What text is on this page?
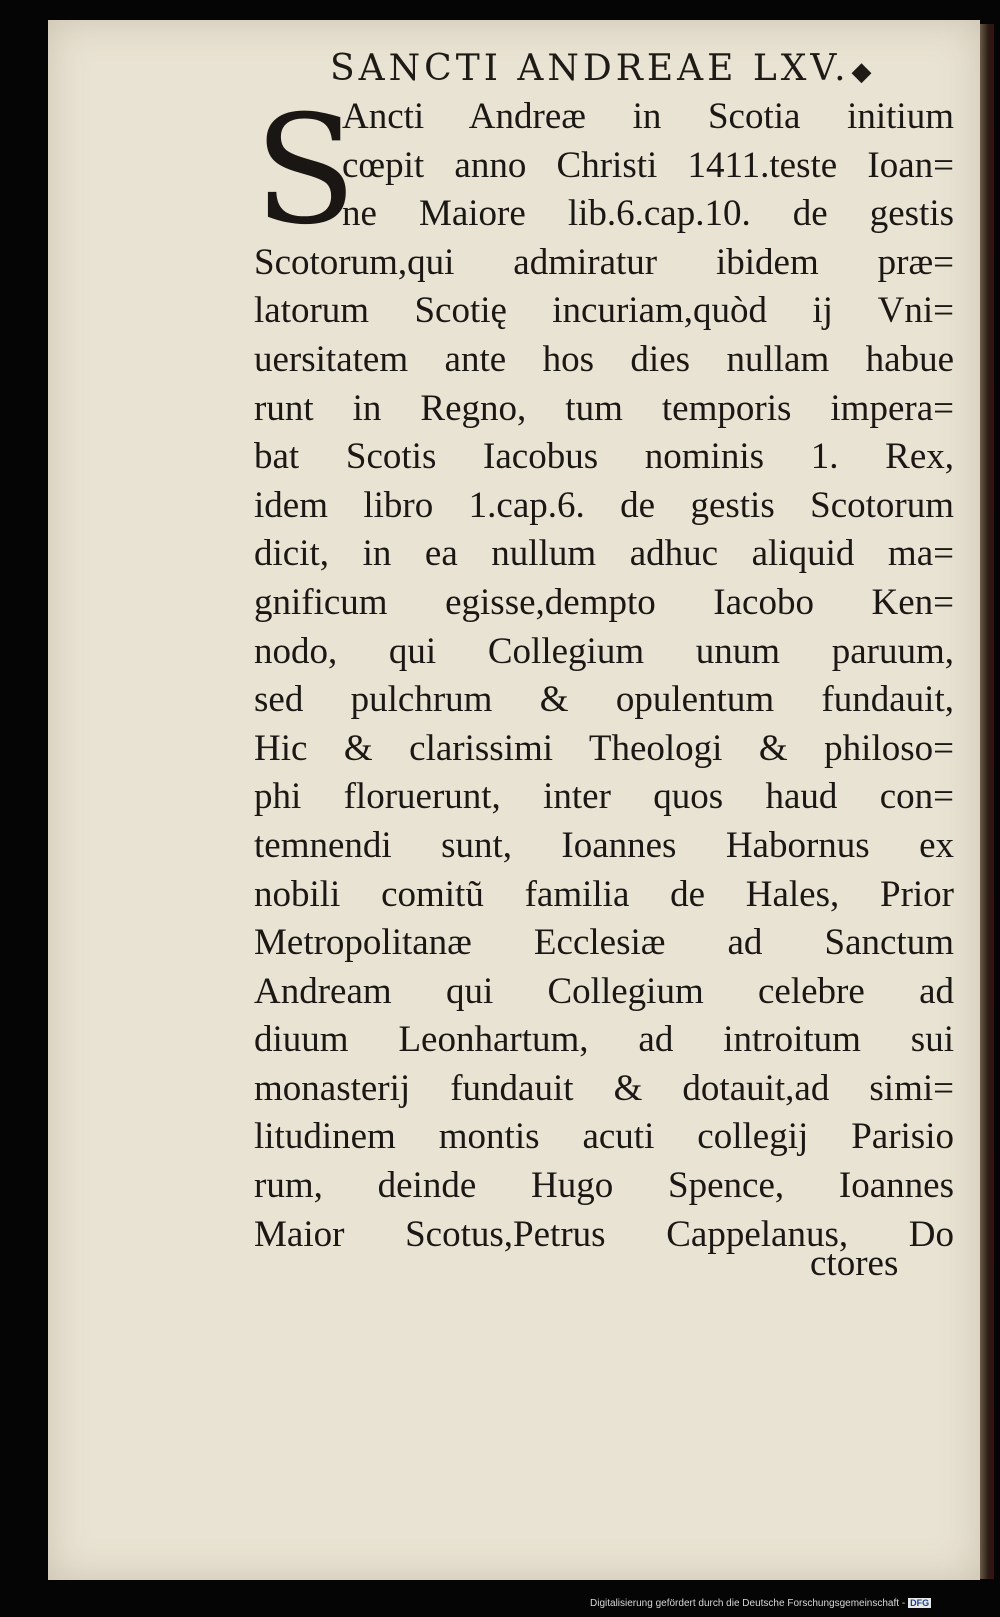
SANCTI ANDREAE LXV.◆
S
Ancti Andreæ in Scotia initium
cœpit anno Christi 1411.teste Ioan=
ne Maiore lib.6.cap.10. de gestis
Scotorum,qui admiratur ibidem præ=
latorum Scotię incuriam,quòd ij Vni=
uersitatem ante hos dies nullam habue
runt in Regno, tum temporis impera=
bat Scotis Iacobus nominis 1. Rex,
idem libro 1.cap.6. de gestis Scotorum
dicit, in ea nullum adhuc aliquid ma=
gnificum egisse,dempto Iacobo Ken=
nodo, qui Collegium unum paruum,
sed pulchrum & opulentum fundauit,
Hic & clarissimi Theologi & philoso=
phi floruerunt, inter quos haud con=
temnendi sunt, Ioannes Habornus ex
nobili comitũ familia de Hales, Prior
Metropolitanæ Ecclesiæ ad Sanctum
Andream qui Collegium celebre ad
diuum Leonhartum, ad introitum sui
monasterij fundauit & dotauit,ad simi=
litudinem montis acuti collegij Parisio
rum, deinde Hugo Spence, Ioannes
Maior Scotus,Petrus Cappelanus, Do
ctores
Digitalisierung gefördert durch die Deutsche Forschungsgemeinschaft - DFG
